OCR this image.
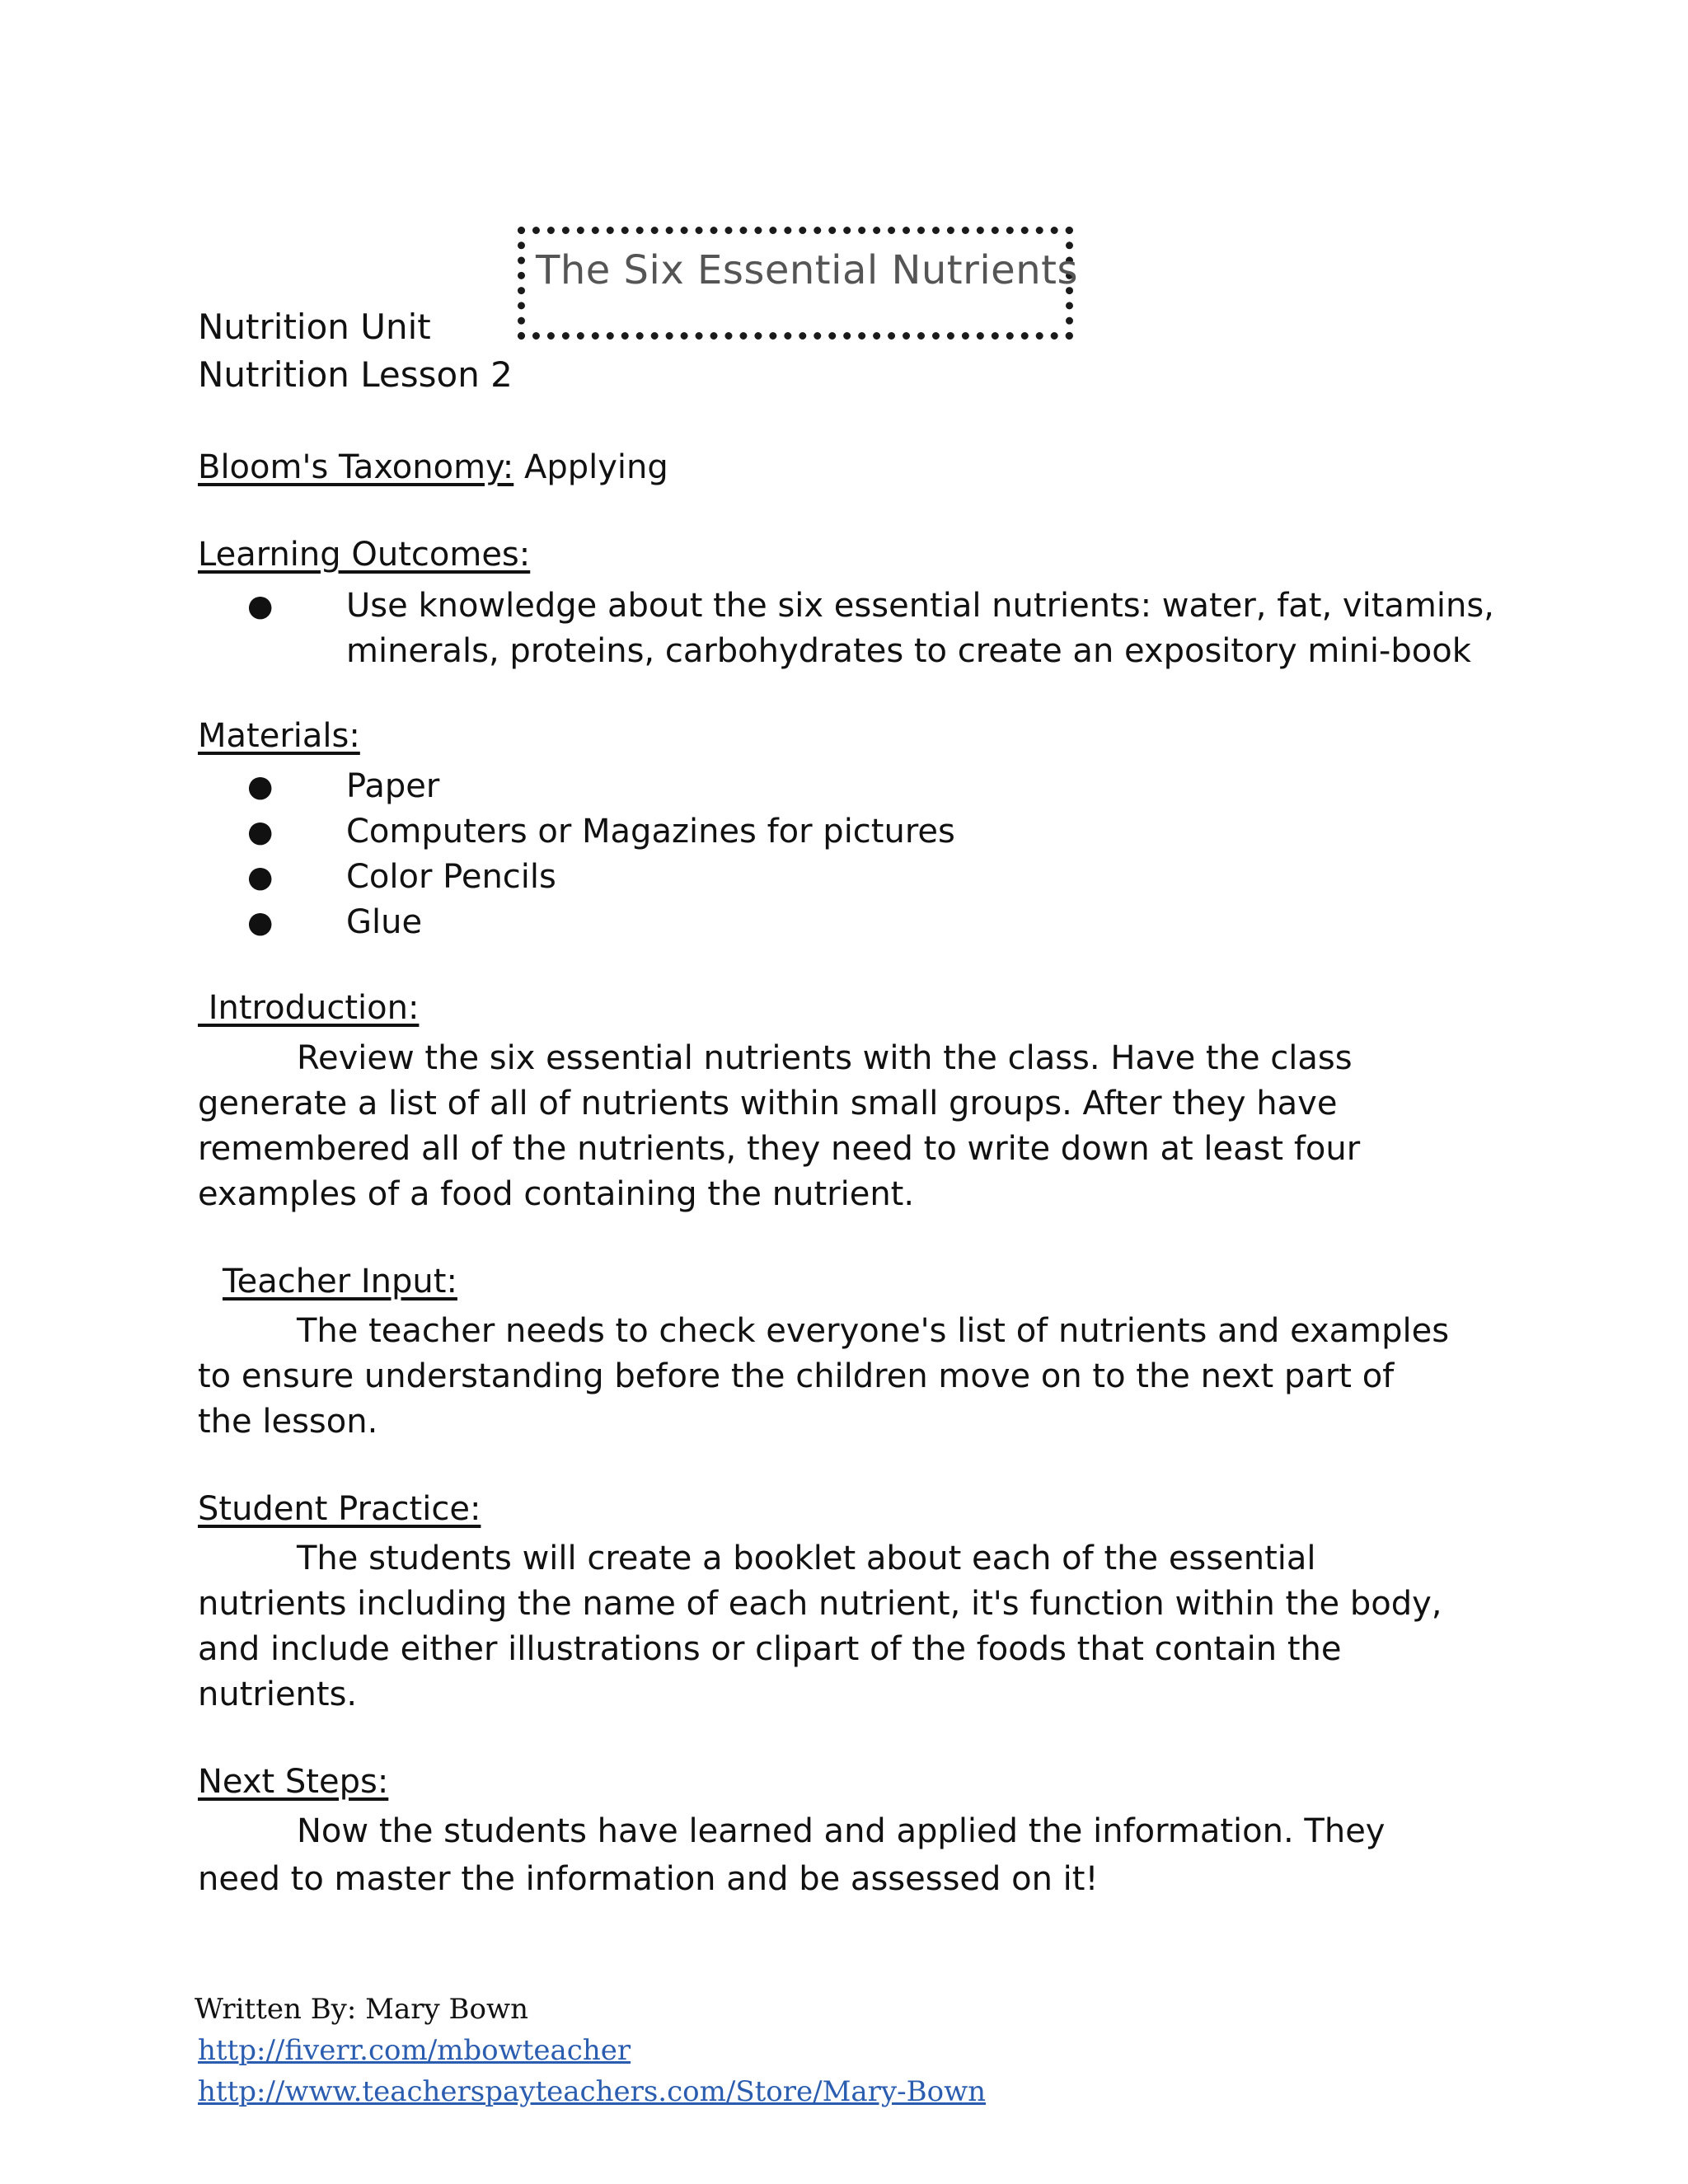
The Six Essential Nutrients
Nutrition Unit
Nutrition Lesson 2
Bloom's Taxonomy: Applying
Learning Outcomes:
● Use knowledge about the six essential nutrients: water, fat, vitamins,
minerals, proteins, carbohydrates to create an expository mini-book
Materials:
● Paper
● Computers or Magazines for pictures
● Color Pencils
● Glue
Introduction:
Review the six essential nutrients with the class. Have the class
generate a list of all of nutrients within small groups. After they have
remembered all of the nutrients, they need to write down at least four
examples of a food containing the nutrient.
Teacher Input:
The teacher needs to check everyone's list of nutrients and examples
to ensure understanding before the children move on to the next part of
the lesson.
Student Practice:
The students will create a booklet about each of the essential
nutrients including the name of each nutrient, it's function within the body,
and include either illustrations or clipart of the foods that contain the
nutrients.
Next Steps:
Now the students have learned and applied the information. They
need to master the information and be assessed on it!
Written By: Mary Bown
http://fiverr.com/mbowteacher
http://www.teacherspayteachers.com/Store/Mary-Bown
